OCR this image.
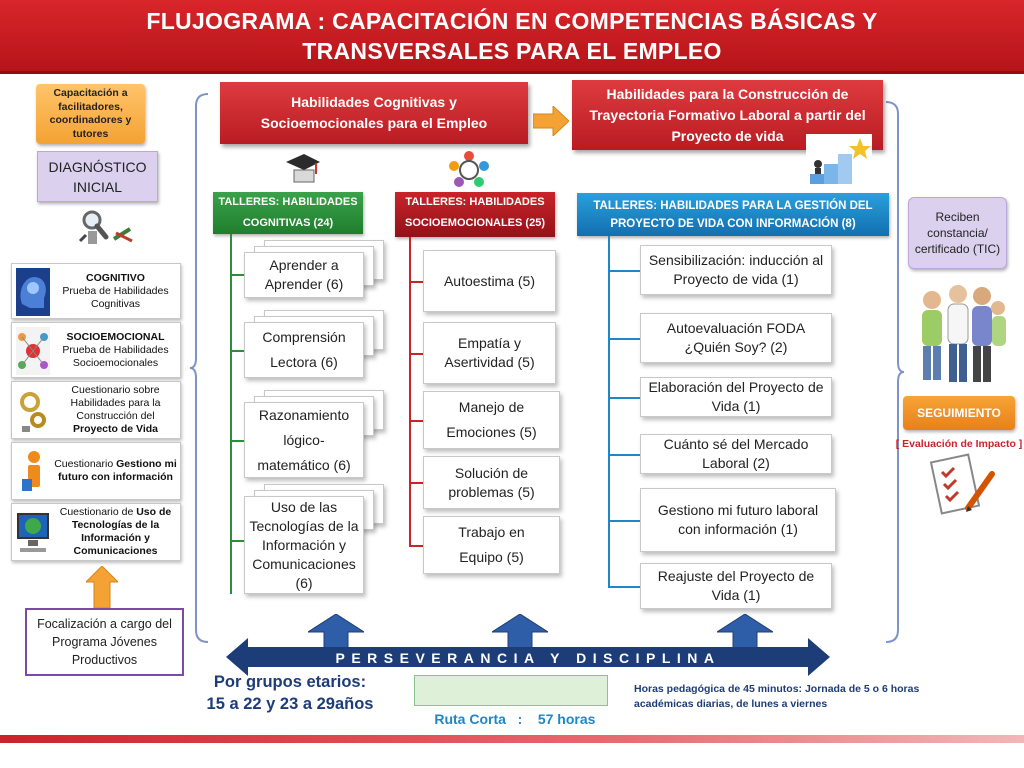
FLUJOGRAMA : CAPACITACIÓN EN COMPETENCIAS BÁSICAS Y
TRANSVERSALES PARA EL EMPLEO
Capacitación a facilitadores, coordinadores y tutores
DIAGNÓSTICO INICIAL
COGNITIVO
Prueba de Habilidades Cognitivas
SOCIOEMOCIONAL
Prueba de Habilidades Socioemocionales
Cuestionario sobre Habilidades para la Construcción del Proyecto de Vida
Cuestionario Gestiono mi futuro con información
Cuestionario de Uso de Tecnologías de la Información y Comunicaciones
Focalización a cargo del Programa Jóvenes Productivos
Habilidades Cognitivas y Socioemocionales para el Empleo
Habilidades para la Construcción de Trayectoria Formativo Laboral a partir del Proyecto de vida
TALLERES: HABILIDADES COGNITIVAS (24)
Aprender a Aprender (6)
Comprensión Lectora (6)
Razonamiento lógico-matemático (6)
Uso de las Tecnologías de la Información y Comunicaciones (6)
TALLERES: HABILIDADES SOCIOEMOCIONALES (25)
Autoestima (5)
Empatía y Asertividad (5)
Manejo de Emociones (5)
Solución de problemas (5)
Trabajo en Equipo (5)
TALLERES: HABILIDADES PARA LA GESTIÓN DEL PROYECTO DE VIDA CON INFORMACIÓN (8)
Sensibilización: inducción al Proyecto de vida (1)
Autoevaluación FODA ¿Quién Soy? (2)
Elaboración del Proyecto de Vida (1)
Cuánto sé del Mercado Laboral (2)
Gestiono mi futuro laboral con información (1)
Reajuste del Proyecto de Vida (1)
Reciben constancia/ certificado (TIC)
SEGUIMIENTO
[ Evaluación de Impacto ]
PERSEVERANCIA Y DISCIPLINA
Por grupos etarios:
15 a 22 y 23 a 29años

Ruta Corta : 57 horas

Horas pedagógica de 45 minutos: Jornada de 5 o 6 horas académicas diarias, de lunes a viernes
